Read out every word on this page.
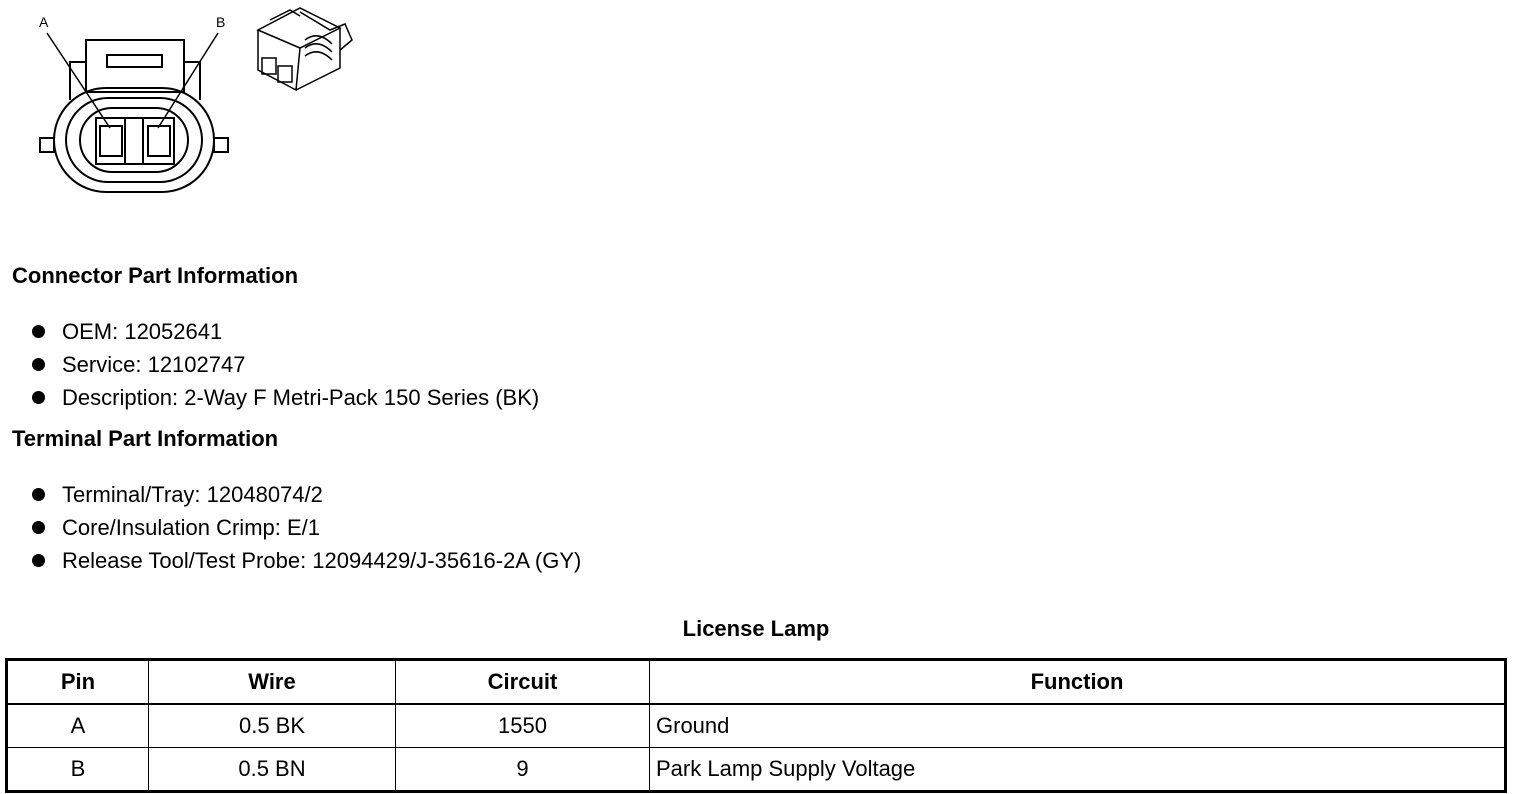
A	B
Connector Part Information
OEM: 12052641
Service: 12102747
Description: 2-Way F Metri-Pack 150 Series (BK)
Terminal Part Information
Terminal/Tray: 12048074/2
Core/Insulation Crimp: E/1
Release Tool/Test Probe: 12094429/J-35616-2A (GY)
License Lamp
Pin	Wire	Circuit	Function
A	0.5 BK	1550	Ground
B	0.5 BN	9	Park Lamp Supply Voltage
